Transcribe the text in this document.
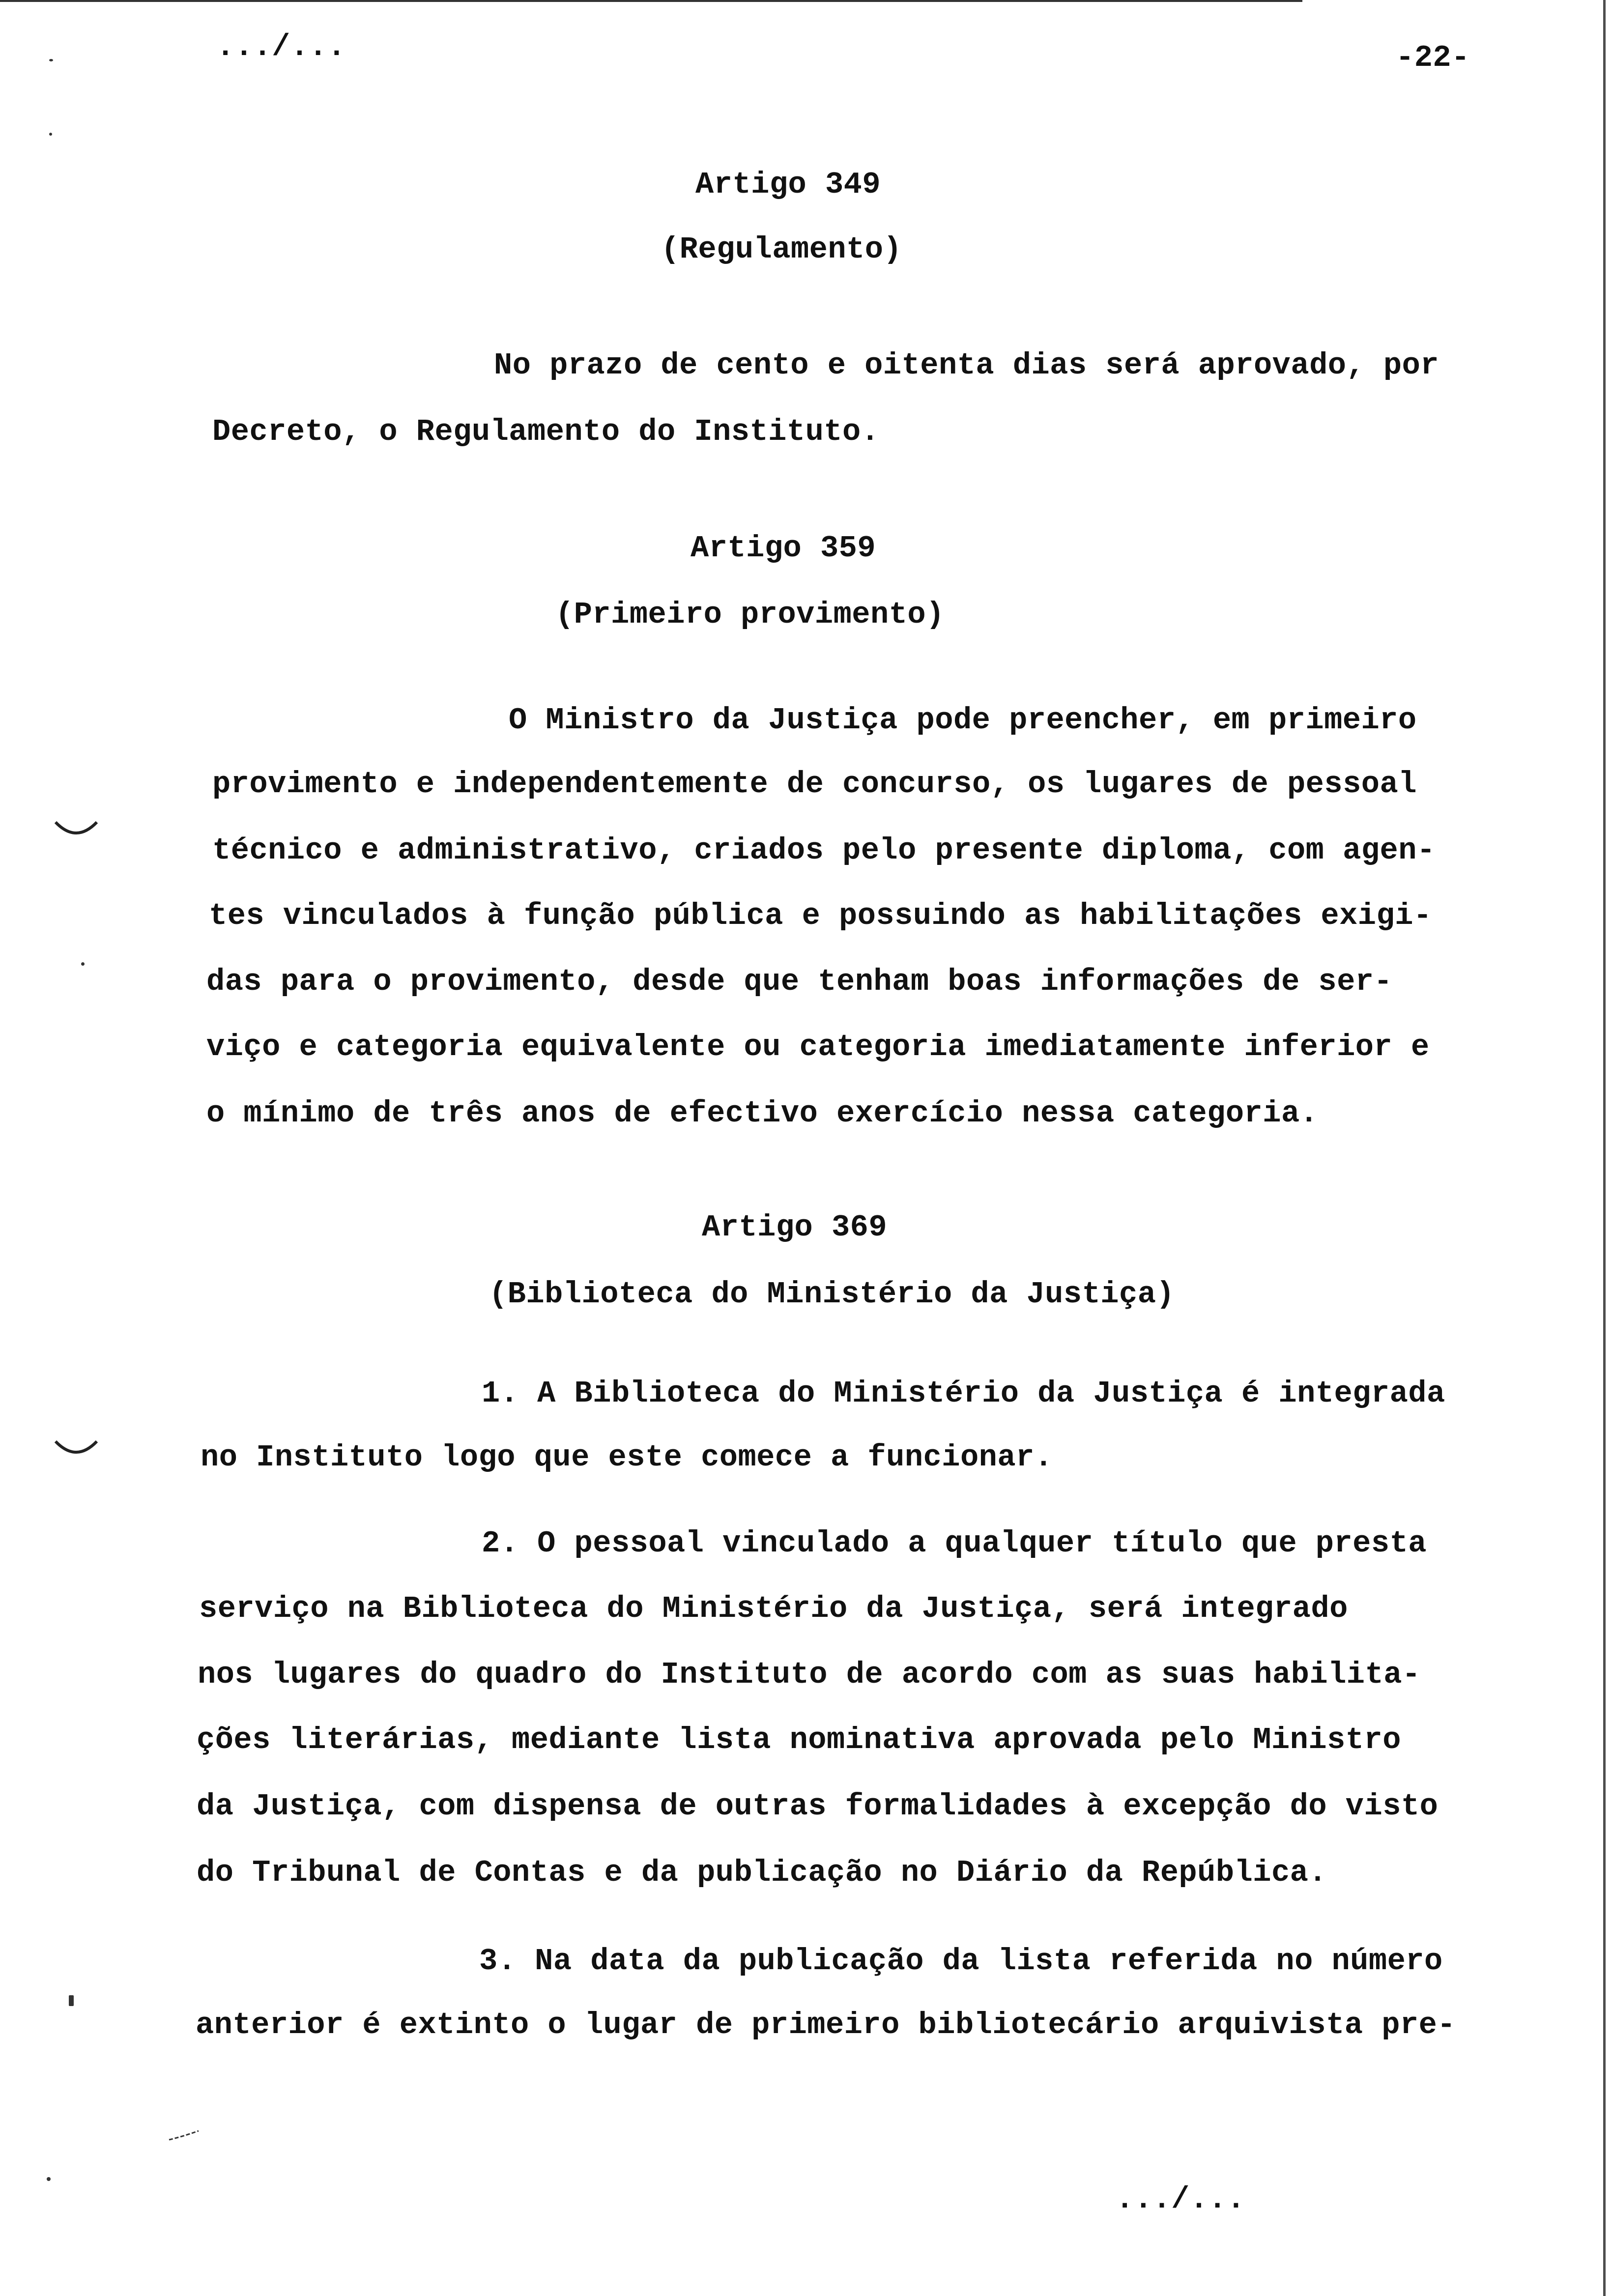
.../...	-22-
Artigo 349
(Regulamento)
No prazo de cento e oitenta dias será aprovado, por
Decreto, o Regulamento do Instituto.
Artigo 359
(Primeiro provimento)
O Ministro da Justiça pode preencher, em primeiro
provimento e independentemente de concurso, os lugares de pessoal
técnico e administrativo, criados pelo presente diploma, com agen-
tes vinculados à função pública e possuindo as habilitações exigi-
das para o provimento, desde que tenham boas informações de ser-
viço e categoria equivalente ou categoria imediatamente inferior e
o mínimo de três anos de efectivo exercício nessa categoria.
Artigo 369
(Biblioteca do Ministério da Justiça)
1. A Biblioteca do Ministério da Justiça é integrada
no Instituto logo que este comece a funcionar.
2. O pessoal vinculado a qualquer título que presta
serviço na Biblioteca do Ministério da Justiça, será integrado
nos lugares do quadro do Instituto de acordo com as suas habilita-
ções literárias, mediante lista nominativa aprovada pelo Ministro
da Justiça, com dispensa de outras formalidades à excepção do visto
do Tribunal de Contas e da publicação no Diário da República.
3. Na data da publicação da lista referida no número
anterior é extinto o lugar de primeiro bibliotecário arquivista pre-
.../...
